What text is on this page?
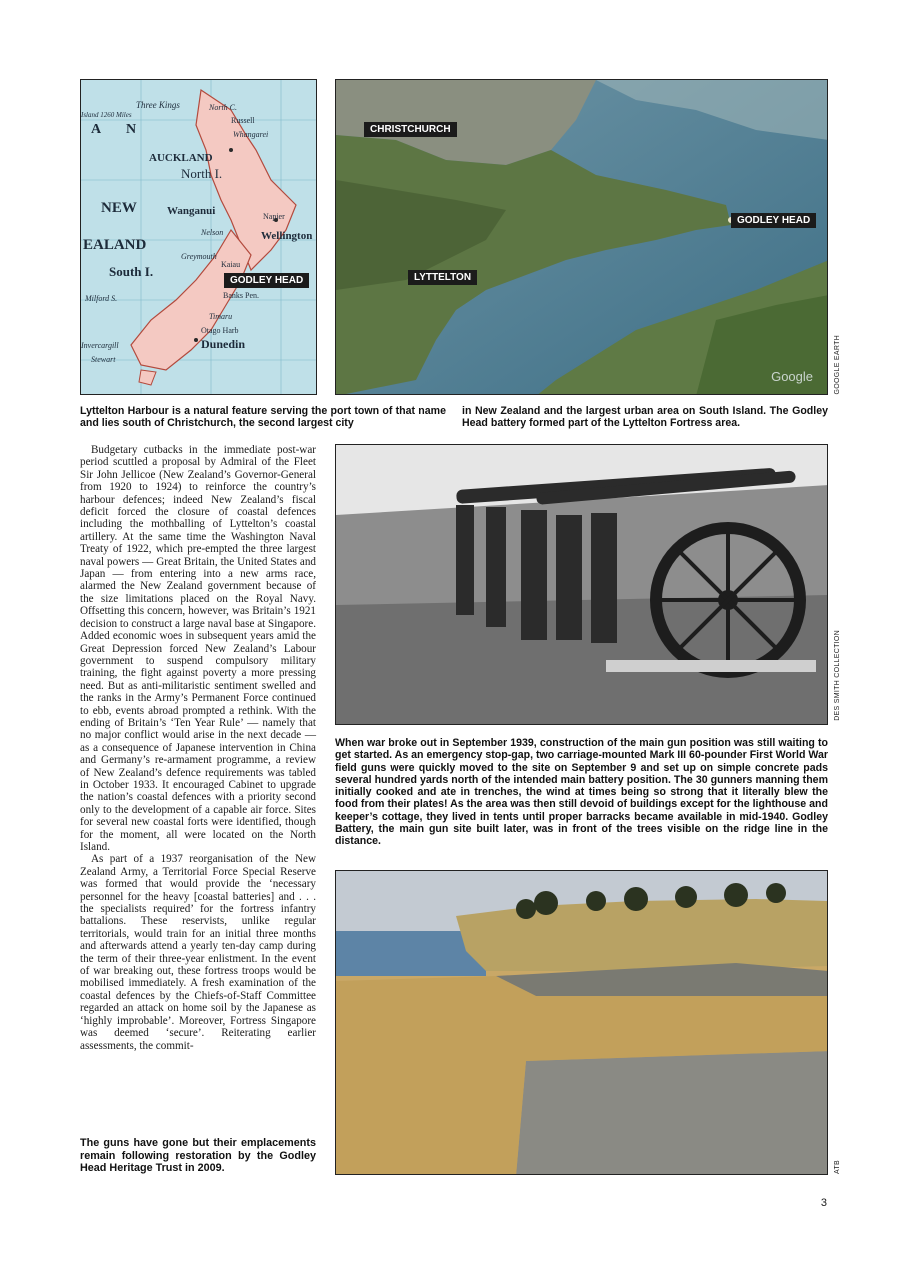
Three Kings	North C.
Island 1260 Miles
A N
Russell
Whangarei
AUCKLAND
North I.
NEW	Wanganui
Wellington
Napier
Nelson
EALAND
Greymouth
Kaiau
South I.
Banks Pen.
Milford S.
Timaru
Otago Harb
Dunedin
Invercargill
Stewart
GODLEY HEAD
CHRISTCHURCH
GODLEY HEAD
LYTTELTON
Google	GOOGLE EARTH
Lyttelton Harbour is a natural feature serving the port town of that name and lies south of Christchurch, the second largest city
in New Zealand and the largest urban area on South Island. The Godley Head battery formed part of the Lyttelton Fortress area.

Budgetary cutbacks in the immediate post-war period scuttled a proposal by Admiral of the Fleet Sir John Jellicoe (New Zealand’s Governor-General from 1920 to 1924) to reinforce the country’s harbour defences; indeed New Zealand’s fiscal deficit forced the closure of coastal defences including the mothballing of Lyttelton’s coastal artillery. At the same time the Washington Naval Treaty of 1922, which pre-empted the three largest naval powers — Great Britain, the United States and Japan — from entering into a new arms race, alarmed the New Zealand government because of the size limitations placed on the Royal Navy. Offsetting this concern, however, was Britain’s 1921 decision to construct a large naval base at Singapore. Added economic woes in subsequent years amid the Great Depression forced New Zealand’s Labour government to suspend compulsory military training, the fight against poverty a more pressing need. But as anti-militaristic sentiment swelled and the ranks in the Army’s Permanent Force continued to ebb, events abroad prompted a rethink. With the ending of Britain’s ‘Ten Year Rule’ — namely that no major conflict would arise in the next decade — as a consequence of Japanese intervention in China and Germany’s re-armament programme, a review of New Zealand’s defence requirements was tabled in October 1933. It encouraged Cabinet to upgrade the nation’s coastal defences with a priority second only to the development of a capable air force. Sites for several new coastal forts were identified, though for the moment, all were located on the North Island.

As part of a 1937 reorganisation of the New Zealand Army, a Territorial Force Special Reserve was formed that would provide the ‘necessary personnel for the heavy [coastal batteries] and . . . the specialists required’ for the fortress infantry battalions. These reservists, unlike regular territorials, would train for an initial three months and afterwards attend a yearly ten-day camp during the term of their three-year enlistment. In the event of war breaking out, these fortress troops would be mobilised immediately. A fresh examination of the coastal defences by the Chiefs-of-Staff Committee regarded an attack on home soil by the Japanese as ‘highly improbable’. Moreover, Fortress Singapore was deemed ‘secure’. Reiterating earlier assessments, the commit-

DES SMITH COLLECTION
When war broke out in September 1939, construction of the main gun position was still waiting to get started. As an emergency stop-gap, two carriage-mounted Mark III 60-pounder First World War field guns were quickly moved to the site on September 9 and set up on simple concrete pads several hundred yards north of the intended main battery position. The 30 gunners manning them initially cooked and ate in trenches, the wind at times being so strong that it literally blew the food from their plates! As the area was then still devoid of buildings except for the lighthouse and keeper’s cottage, they lived in tents until proper barracks became available in mid-1940. Godley Battery, the main gun site built later, was in front of the trees visible on the ridge line in the distance.
ATB
The guns have gone but their emplacements remain following restoration by the Godley Head Heritage Trust in 2009.
3
